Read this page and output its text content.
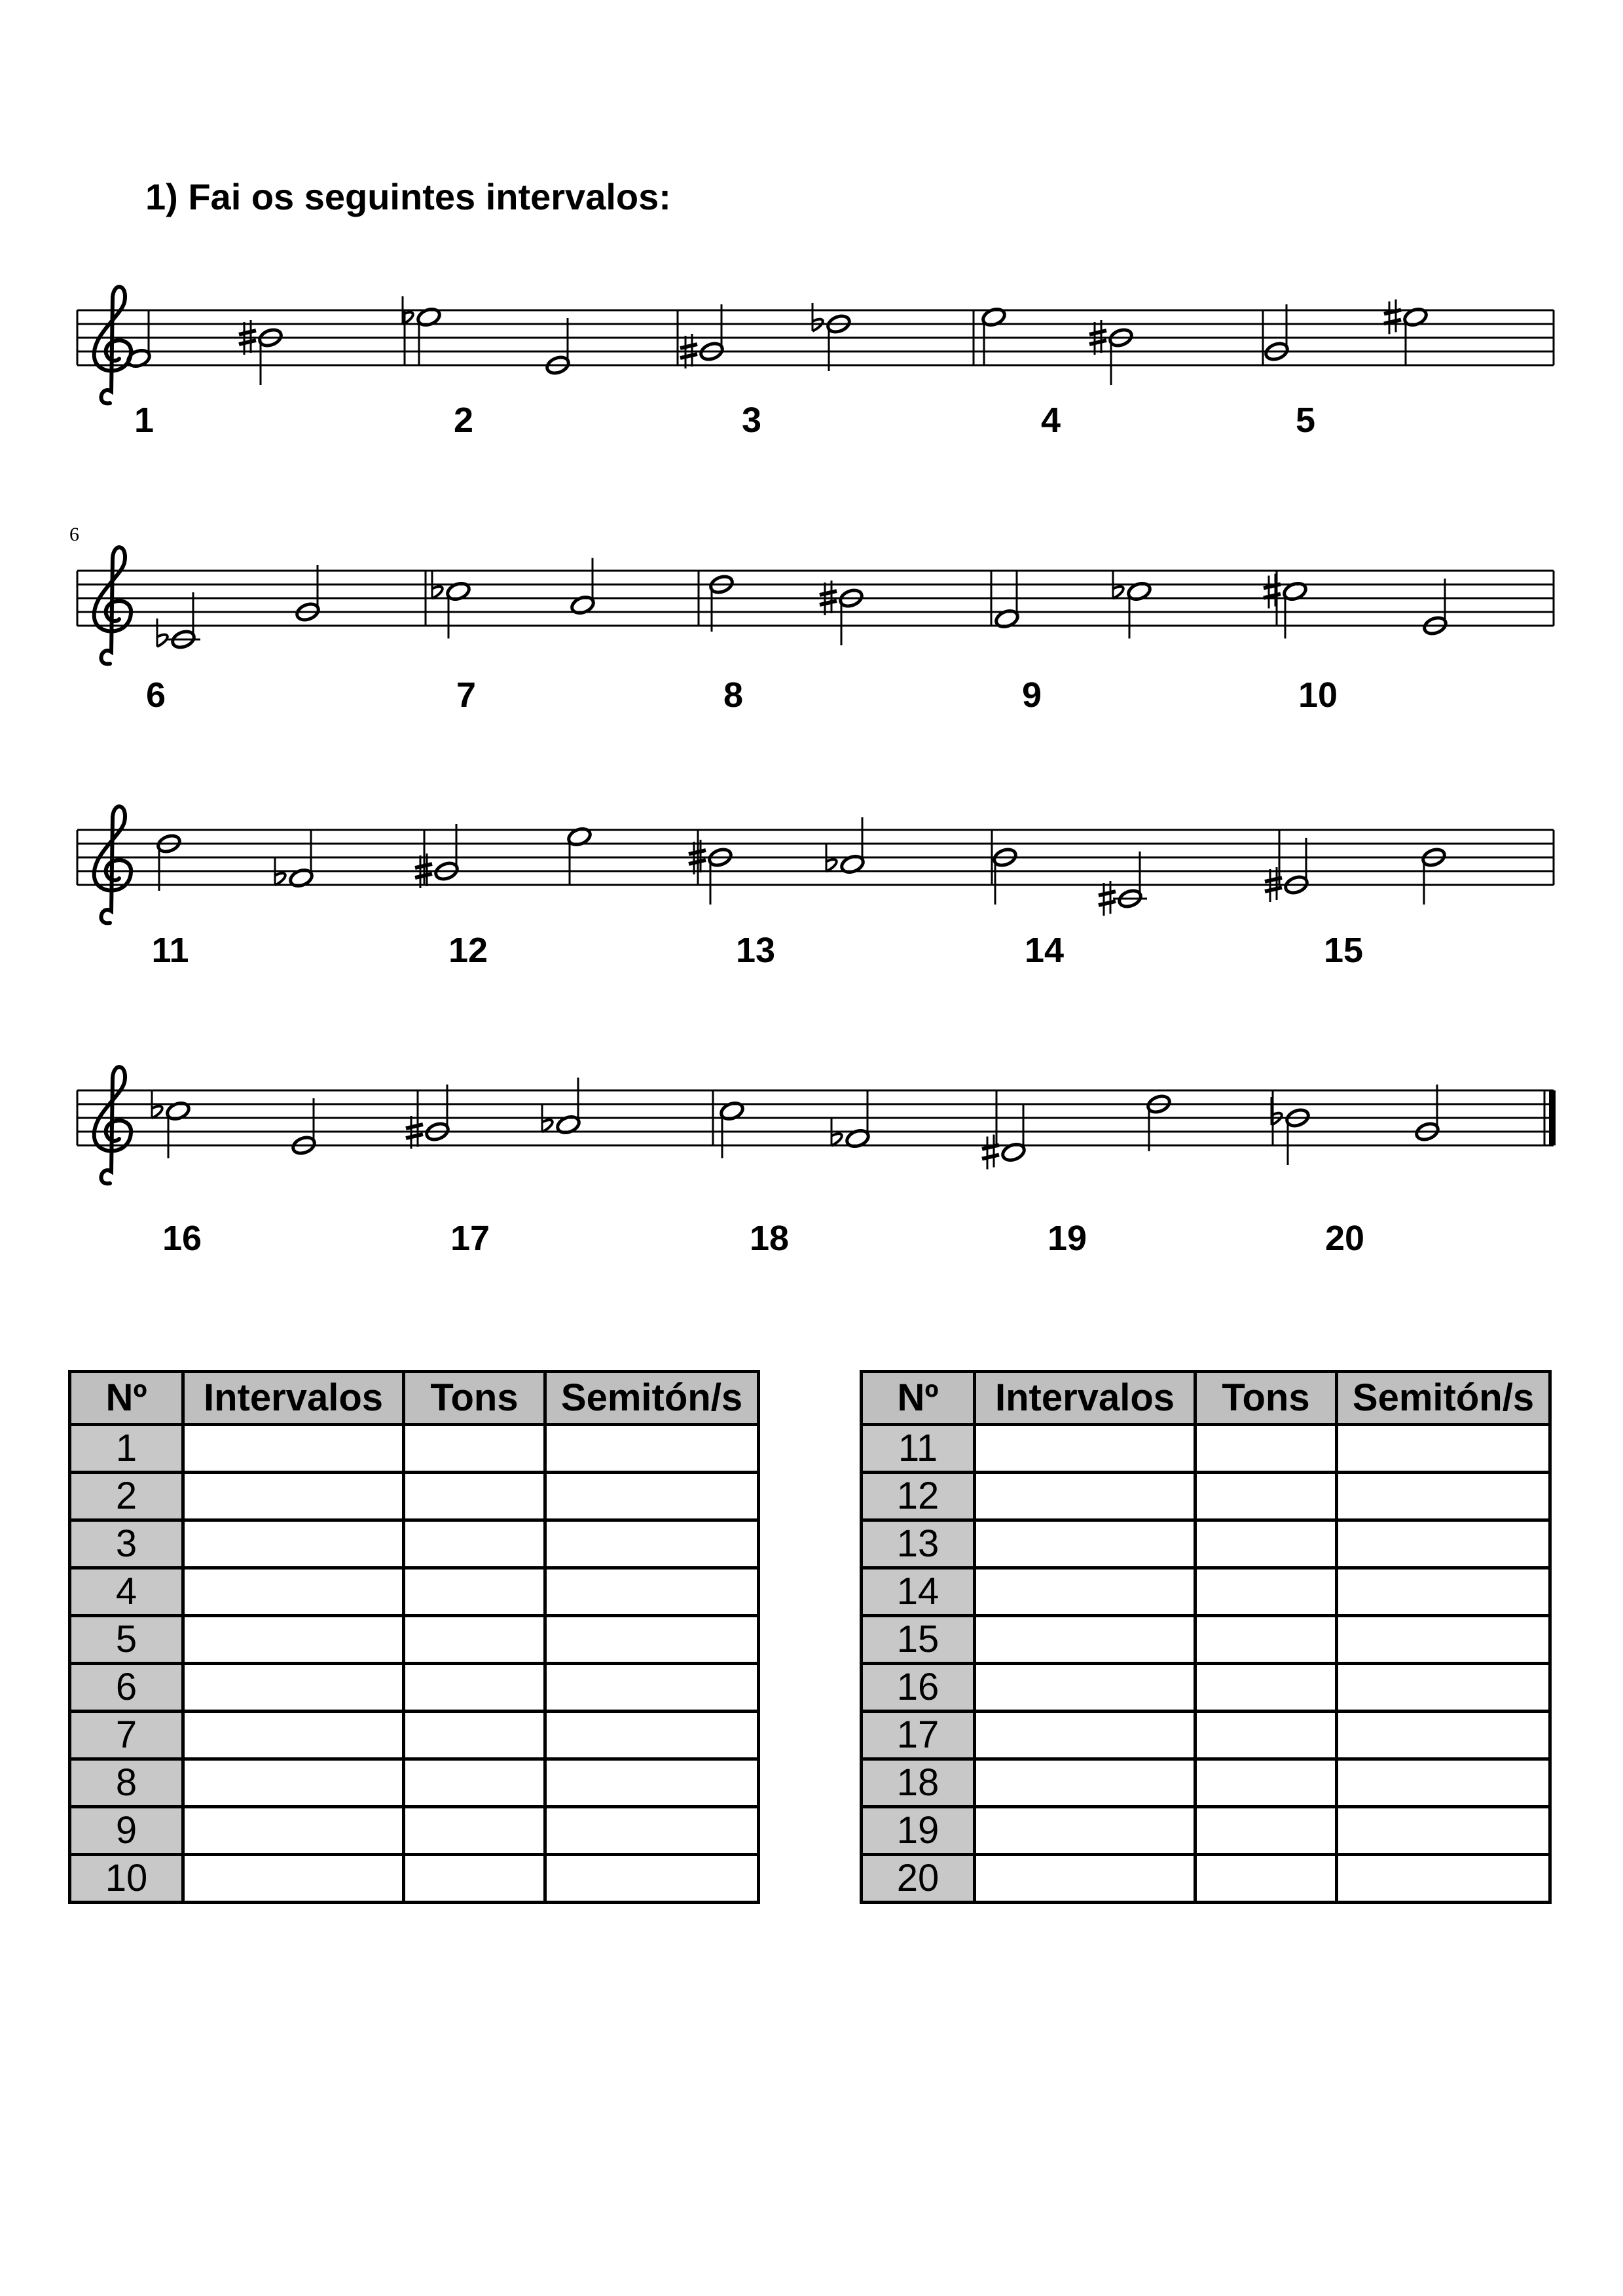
1) Fai os seguintes intervalos:
1	2	3	4	5
6
6	7	8	9	10
11	12	13	14	15
16	17	18	19	20
Nº	Intervalos	Tons	Semitón/s
1			
2			
3			
4			
5			
6			
7			
8			
9			
10			
Nº	Intervalos	Tons	Semitón/s
11			
12			
13			
14			
15			
16			
17			
18			
19			
20			
